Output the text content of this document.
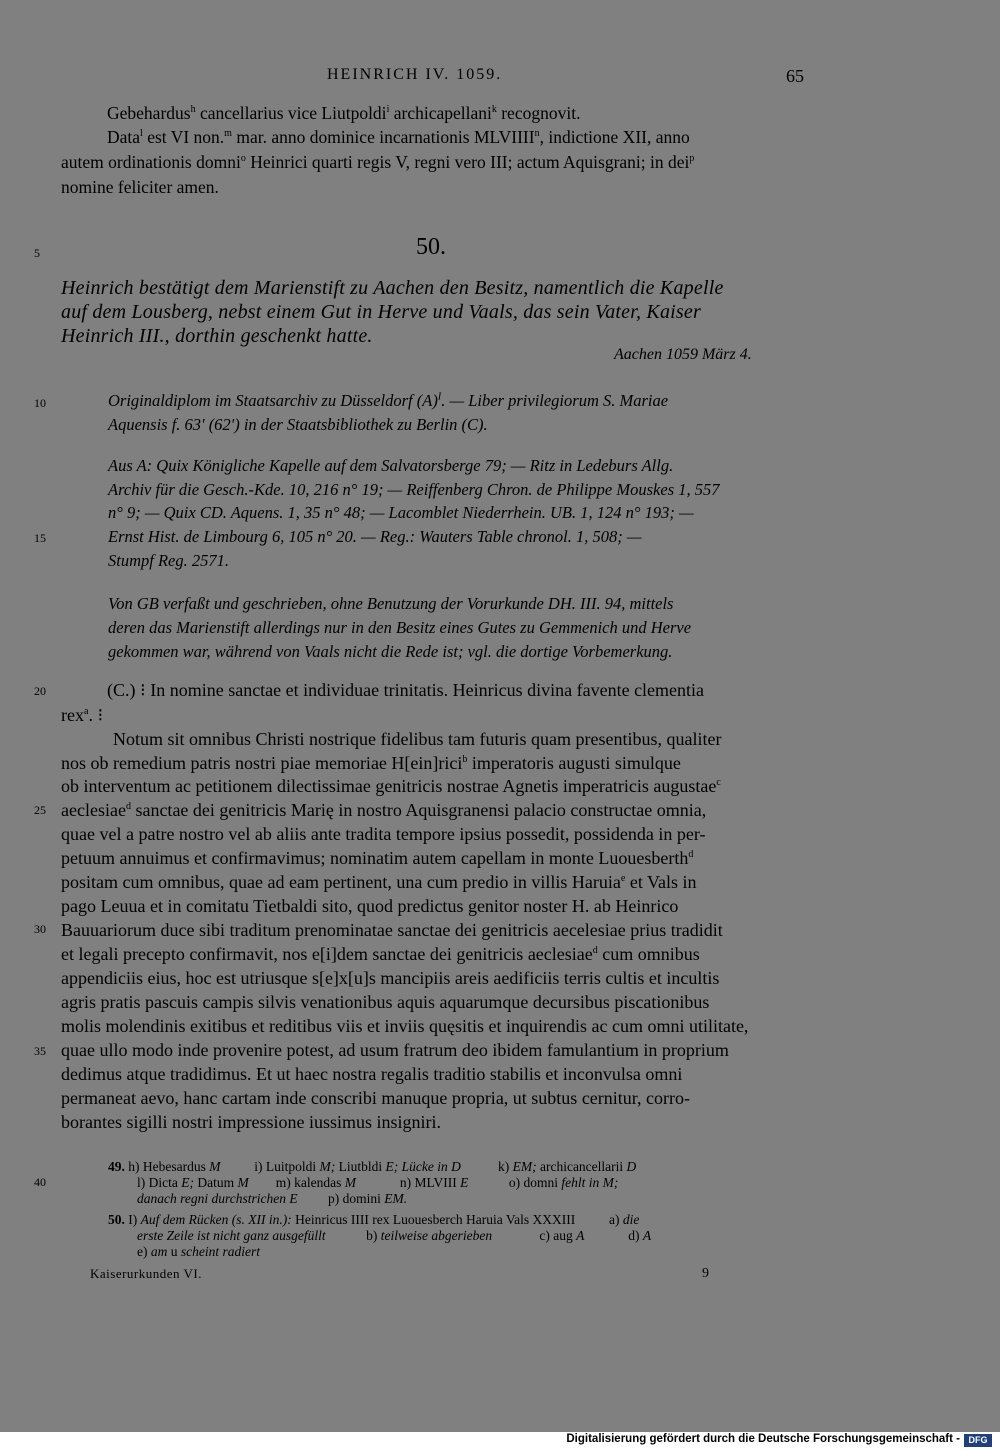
HEINRICH IV. 1059.	65
Gebehardus$^h$ cancellarius vice Liutpoldi$^i$ archicapellani$^k$ recognovit.
Data$^l$ est VI non.$^m$ mar. anno dominice incarnationis MLVIIII$^n$, indictione XII, anno
autem ordinationis domni$^o$ Heinrici quarti regis V, regni vero III; actum Aquisgrani; in dei$^p$
nomine feliciter amen.
5
10
15
20
25
30
35
40
50.
Heinrich bestätigt dem Marienstift zu Aachen den Besitz, namentlich die Kapelle
auf dem Lousberg, nebst einem Gut in Herve und Vaals, das sein Vater, Kaiser
Heinrich III., dorthin geschenkt hatte.
Aachen 1059 März 4.
Originaldiplom im Staatsarchiv zu Düsseldorf $(A)^I$. — Liber privilegiorum S. Mariae
Aquensis f. 63' (62') in der Staatsbibliothek zu Berlin (C).
Aus A: Quix Königliche Kapelle auf dem Salvatorsberge 79; — Ritz in Ledeburs Allg.
Archiv für die Gesch.-Kde. 10, 216 n° 19; — Reiffenberg Chron. de Philippe Mouskes 1, 557
n° 9; — Quix CD. Aquens. 1, 35 n° 48; — Lacomblet Niederrhein. UB. 1, 124 n° 193; —
Ernst Hist. de Limbourg 6, 105 n° 20. — Reg.: Wauters Table chronol. 1, 508; —
Stumpf Reg. 2571.
Von GB verfaßt und geschrieben, ohne Benutzung der Vorurkunde DH. III. 94, mittels
deren das Marienstift allerdings nur in den Besitz eines Gutes zu Gemmenich und Herve
gekommen war, während von Vaals nicht die Rede ist; vgl. die dortige Vorbemerkung.
(C.) ⁝ In nomine sanctae et individuae trinitatis. Heinricus divina favente clementia
rex$^a$. ⁝
Notum sit omnibus Christi nostrique fidelibus tam futuris quam presentibus, qualiter
nos ob remedium patris nostri piae memoriae H[ein]rici$^b$ imperatoris augusti simulque
ob interventum ac petitionem dilectissimae genitricis nostrae Agnetis imperatricis augustae$^c$
aeclesiae$^d$ sanctae dei genitricis Marię in nostro Aquisgranensi palacio constructae omnia,
quae vel a patre nostro vel ab aliis ante tradita tempore ipsius possedit, possidenda in per-
petuum annuimus et confirmavimus; nominatim autem capellam in monte Luouesberth$^d$
positam cum omnibus, quae ad eam pertinent, una cum predio in villis Haruia$^e$ et Vals in
pago Leuua et in comitatu Tietbaldi sito, quod predictus genitor noster H. ab Heinrico
Bauuariorum duce sibi traditum prenominatae sanctae dei genitricis aecelesiae prius tradidit
et legali precepto confirmavit, nos e[i]dem sanctae dei genitricis aeclesiae$^d$ cum omnibus
appendiciis eius, hoc est utriusque s[e]x[u]s mancipiis areis aedificiis terris cultis et incultis
agris pratis pascuis campis silvis venationibus aquis aquarumque decursibus piscationibus
molis molendinis exitibus et reditibus viis et inviis quęsitis et inquirendis ac cum omni utilitate,
quae ullo modo inde provenire potest, ad usum fratrum deo ibidem famulantium in proprium
dedimus atque tradidimus. Et ut haec nostra regalis traditio stabilis et inconvulsa omni
permaneat aevo, hanc cartam inde conscribi manuque propria, ut subtus cernitur, corro-
borantes sigilli nostri impressione iussimus insigniri.
49. h) Hebesardus M          i) Luitpoldi M; Liutbldi E; Lücke in D           k) EM; archicancellarii D
l) Dicta E; Datum M        m) kalendas M             n) MLVIII E            o) domni fehlt in M;
danach regni durchstrichen E         p) domini EM.
50. I) Auf dem Rücken (s. XII in.): Heinricus IIII rex Luouesberch Haruia Vals XXXIII          a) die
erste Zeile ist nicht ganz ausgefüllt            b) teilweise abgerieben              c) aug A             d) A
e) am u scheint radiert
Kaiserurkunden VI.	9
Digitalisierung gefördert durch die Deutsche Forschungsgemeinschaft - DFG
